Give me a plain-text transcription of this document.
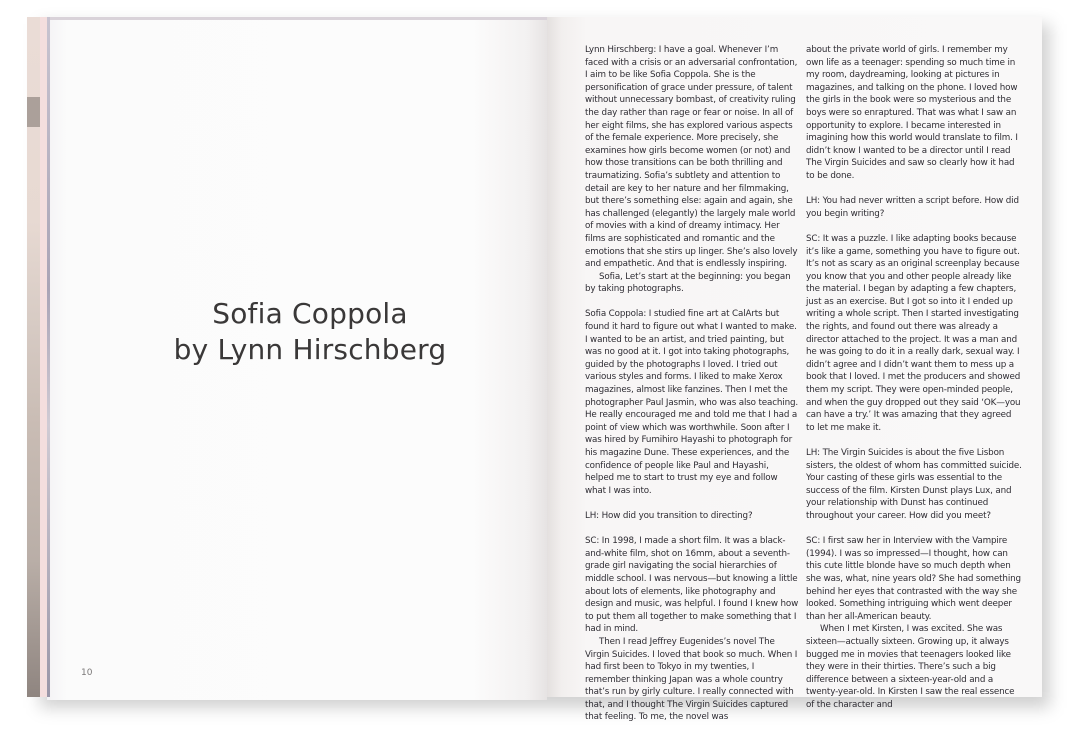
Sofia Coppola
by Lynn Hirschberg
10

Lynn Hirschberg: I have a goal. Whenever I’m faced with a crisis or an adversarial confrontation, I aim to be like Sofia Coppola. She is the personification of grace under pressure, of talent without unnecessary bombast, of creativity ruling the day rather than rage or fear or noise. In all of her eight films, she has explored various aspects of the female experience. More precisely, she examines how girls become women (or not) and how those transitions can be both thrilling and traumatizing. Sofia’s subtlety and attention to detail are key to her nature and her filmmaking, but there’s something else: again and again, she has challenged (elegantly) the largely male world of movies with a kind of dreamy intimacy. Her films are sophisticated and romantic and the emotions that she stirs up linger. She’s also lovely and empathetic. And that is endlessly inspiring.

Sofia, Let’s start at the beginning: you began by taking photographs.

Sofia Coppola: I studied fine art at CalArts but found it hard to figure out what I wanted to make. I wanted to be an artist, and tried painting, but was no good at it. I got into taking photographs, guided by the photographs I loved. I tried out various styles and forms. I liked to make Xerox magazines, almost like fanzines. Then I met the photographer Paul Jasmin, who was also teaching. He really encouraged me and told me that I had a point of view which was worthwhile. Soon after I was hired by Fumihiro Hayashi to photograph for his magazine Dune. These experiences, and the confidence of people like Paul and Hayashi, helped me to start to trust my eye and follow what I was into.

LH: How did you transition to directing?

SC: In 1998, I made a short film. It was a black-and-white film, shot on 16mm, about a seventh-grade girl navigating the social hierarchies of middle school. I was nervous—but knowing a little about lots of elements, like photography and design and music, was helpful. I found I knew how to put them all together to make something that I had in mind.

Then I read Jeffrey Eugenides’s novel The Virgin Suicides. I loved that book so much. When I had first been to Tokyo in my twenties, I remember thinking Japan was a whole country that’s run by girly culture. I really connected with that, and I thought The Virgin Suicides captured that feeling. To me, the novel was

about the private world of girls. I remember my own life as a teenager: spending so much time in my room, daydreaming, looking at pictures in magazines, and talking on the phone. I loved how the girls in the book were so mysterious and the boys were so enraptured. That was what I saw an opportunity to explore. I became interested in imagining how this world would translate to film. I didn’t know I wanted to be a director until I read The Virgin Suicides and saw so clearly how it had to be done.

LH: You had never written a script before. How did you begin writing?

SC: It was a puzzle. I like adapting books because it’s like a game, something you have to figure out. It’s not as scary as an original screenplay because you know that you and other people already like the material. I began by adapting a few chapters, just as an exercise. But I got so into it I ended up writing a whole script. Then I started investigating the rights, and found out there was already a director attached to the project. It was a man and he was going to do it in a really dark, sexual way. I didn’t agree and I didn’t want them to mess up a book that I loved. I met the producers and showed them my script. They were open-minded people, and when the guy dropped out they said ‘OK—you can have a try.’ It was amazing that they agreed to let me make it.

LH: The Virgin Suicides is about the five Lisbon sisters, the oldest of whom has committed suicide. Your casting of these girls was essential to the success of the film. Kirsten Dunst plays Lux, and your relationship with Dunst has continued throughout your career. How did you meet?

SC: I first saw her in Interview with the Vampire (1994). I was so impressed—I thought, how can this cute little blonde have so much depth when she was, what, nine years old? She had something behind her eyes that contrasted with the way she looked. Something intriguing which went deeper than her all-American beauty.

When I met Kirsten, I was excited. She was sixteen—actually sixteen. Growing up, it always bugged me in movies that teenagers looked like they were in their thirties. There’s such a big difference between a sixteen-year-old and a twenty-year-old. In Kirsten I saw the real essence of the character and
